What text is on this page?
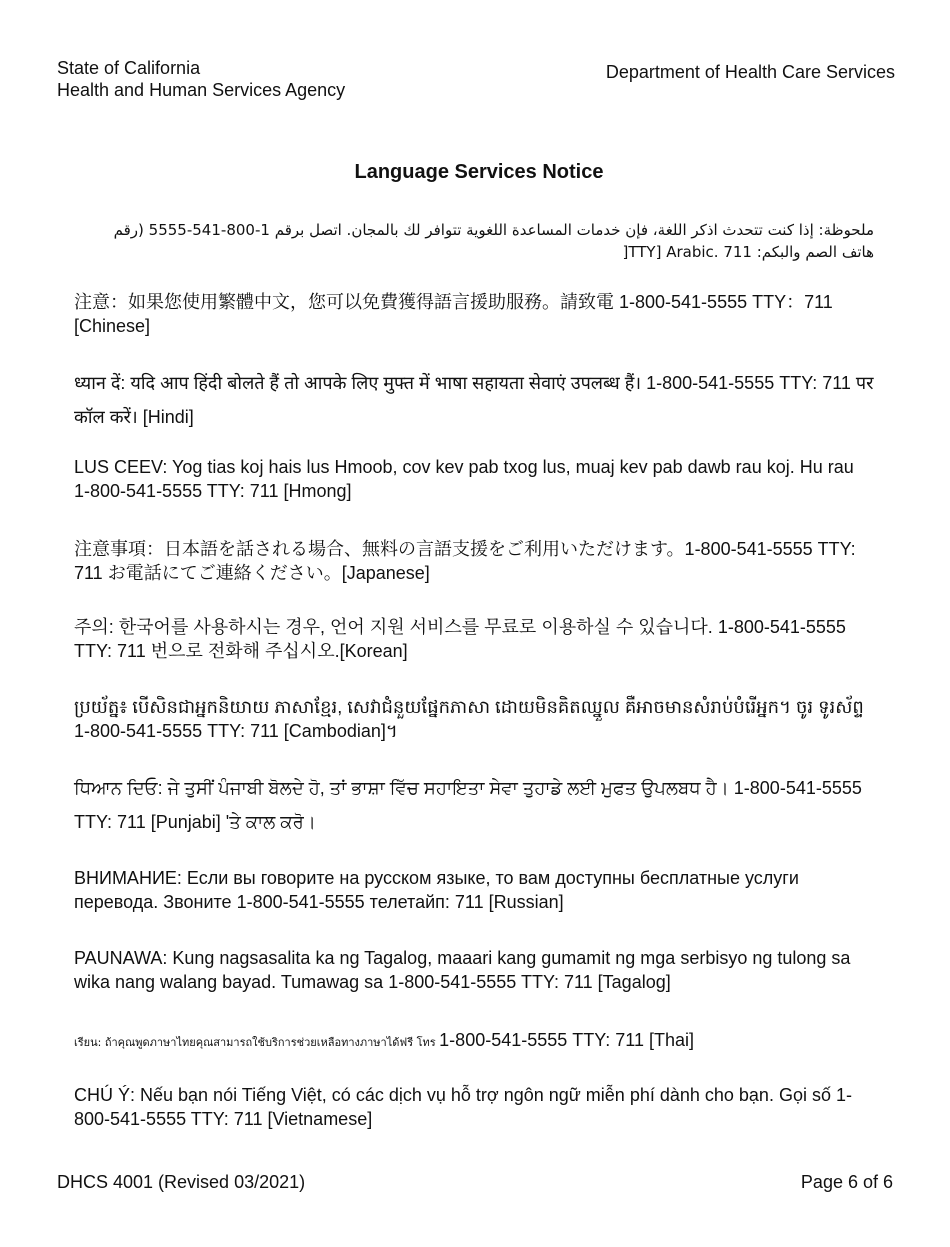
State of California
Health and Human Services Agency
Department of Health Care Services
Language Services Notice
ملحوظة: إذا كنت تتحدث اذكر اللغة، فإن خدمات المساعدة اللغوية تتوافر لك بالمجان. اتصل برقم 1-800-541-5555 (رقم
هاتف الصم والبكم: 711 .TTY] Arabic[

注意：如果您使用繁體中文，您可以免費獲得語言援助服務。請致電 1-800-541-5555 TTY：711 [Chinese]

ध्यान दें: यदि आप हिंदी बोलते हैं तो आपके लिए मुफ्त में भाषा सहायता सेवाएं उपलब्ध हैं। 1-800-541-5555 TTY: 711 पर कॉल करें। [Hindi]

LUS CEEV: Yog tias koj hais lus Hmoob, cov kev pab txog lus, muaj kev pab dawb rau koj. Hu rau 1-800-541-5555 TTY: 711 [Hmong]

注意事項：日本語を話される場合、無料の言語支援をご利用いただけます。1-800-541-5555 TTY: 711 お電話にてご連絡ください。[Japanese]

주의: 한국어를 사용하시는 경우, 언어 지원 서비스를 무료로 이용하실 수 있습니다. 1-800-541-5555 TTY: 711 번으로 전화해 주십시오.[Korean]

ប្រយ័ត្ន៖ បើសិនជាអ្នកនិយាយ ភាសាខ្មែរ, សេវាជំនួយផ្នែកភាសា ដោយមិនគិតឈ្នួល គឺអាចមានសំរាប់បំរើអ្នក។ ចូរ ទូរស័ព្ទ 1-800-541-5555 TTY: 711 [Cambodian]។

ਧਿਆਨ ਦਿਓ: ਜੇ ਤੁਸੀਂ ਪੰਜਾਬੀ ਬੋਲਦੇ ਹੋ, ਤਾਂ ਭਾਸ਼ਾ ਵਿੱਚ ਸਹਾਇਤਾ ਸੇਵਾ ਤੁਹਾਡੇ ਲਈ ਮੁਫਤ ਉਪਲਬਧ ਹੈ। 1-800-541-5555 TTY: 711 [Punjabi] 'ਤੇ ਕਾਲ ਕਰੋ।

ВНИМАНИЕ: Если вы говорите на русском языке, то вам доступны бесплатные услуги перевода. Звоните 1-800-541-5555 телетайп: 711 [Russian]

PAUNAWA: Kung nagsasalita ka ng Tagalog, maaari kang gumamit ng mga serbisyo ng tulong sa wika nang walang bayad. Tumawag sa 1-800-541-5555 TTY: 711 [Tagalog]

เรียน: ถ้าคุณพูดภาษาไทยคุณสามารถใช้บริการช่วยเหลือทางภาษาได้ฟรี โทร 1-800-541-5555 TTY: 711 [Thai]

CHÚ Ý: Nếu bạn nói Tiếng Việt, có các dịch vụ hỗ trợ ngôn ngữ miễn phí dành cho bạn. Gọi số 1-800-541-5555 TTY: 711 [Vietnamese]

DHCS 4001 (Revised 03/2021)	Page 6 of 6
